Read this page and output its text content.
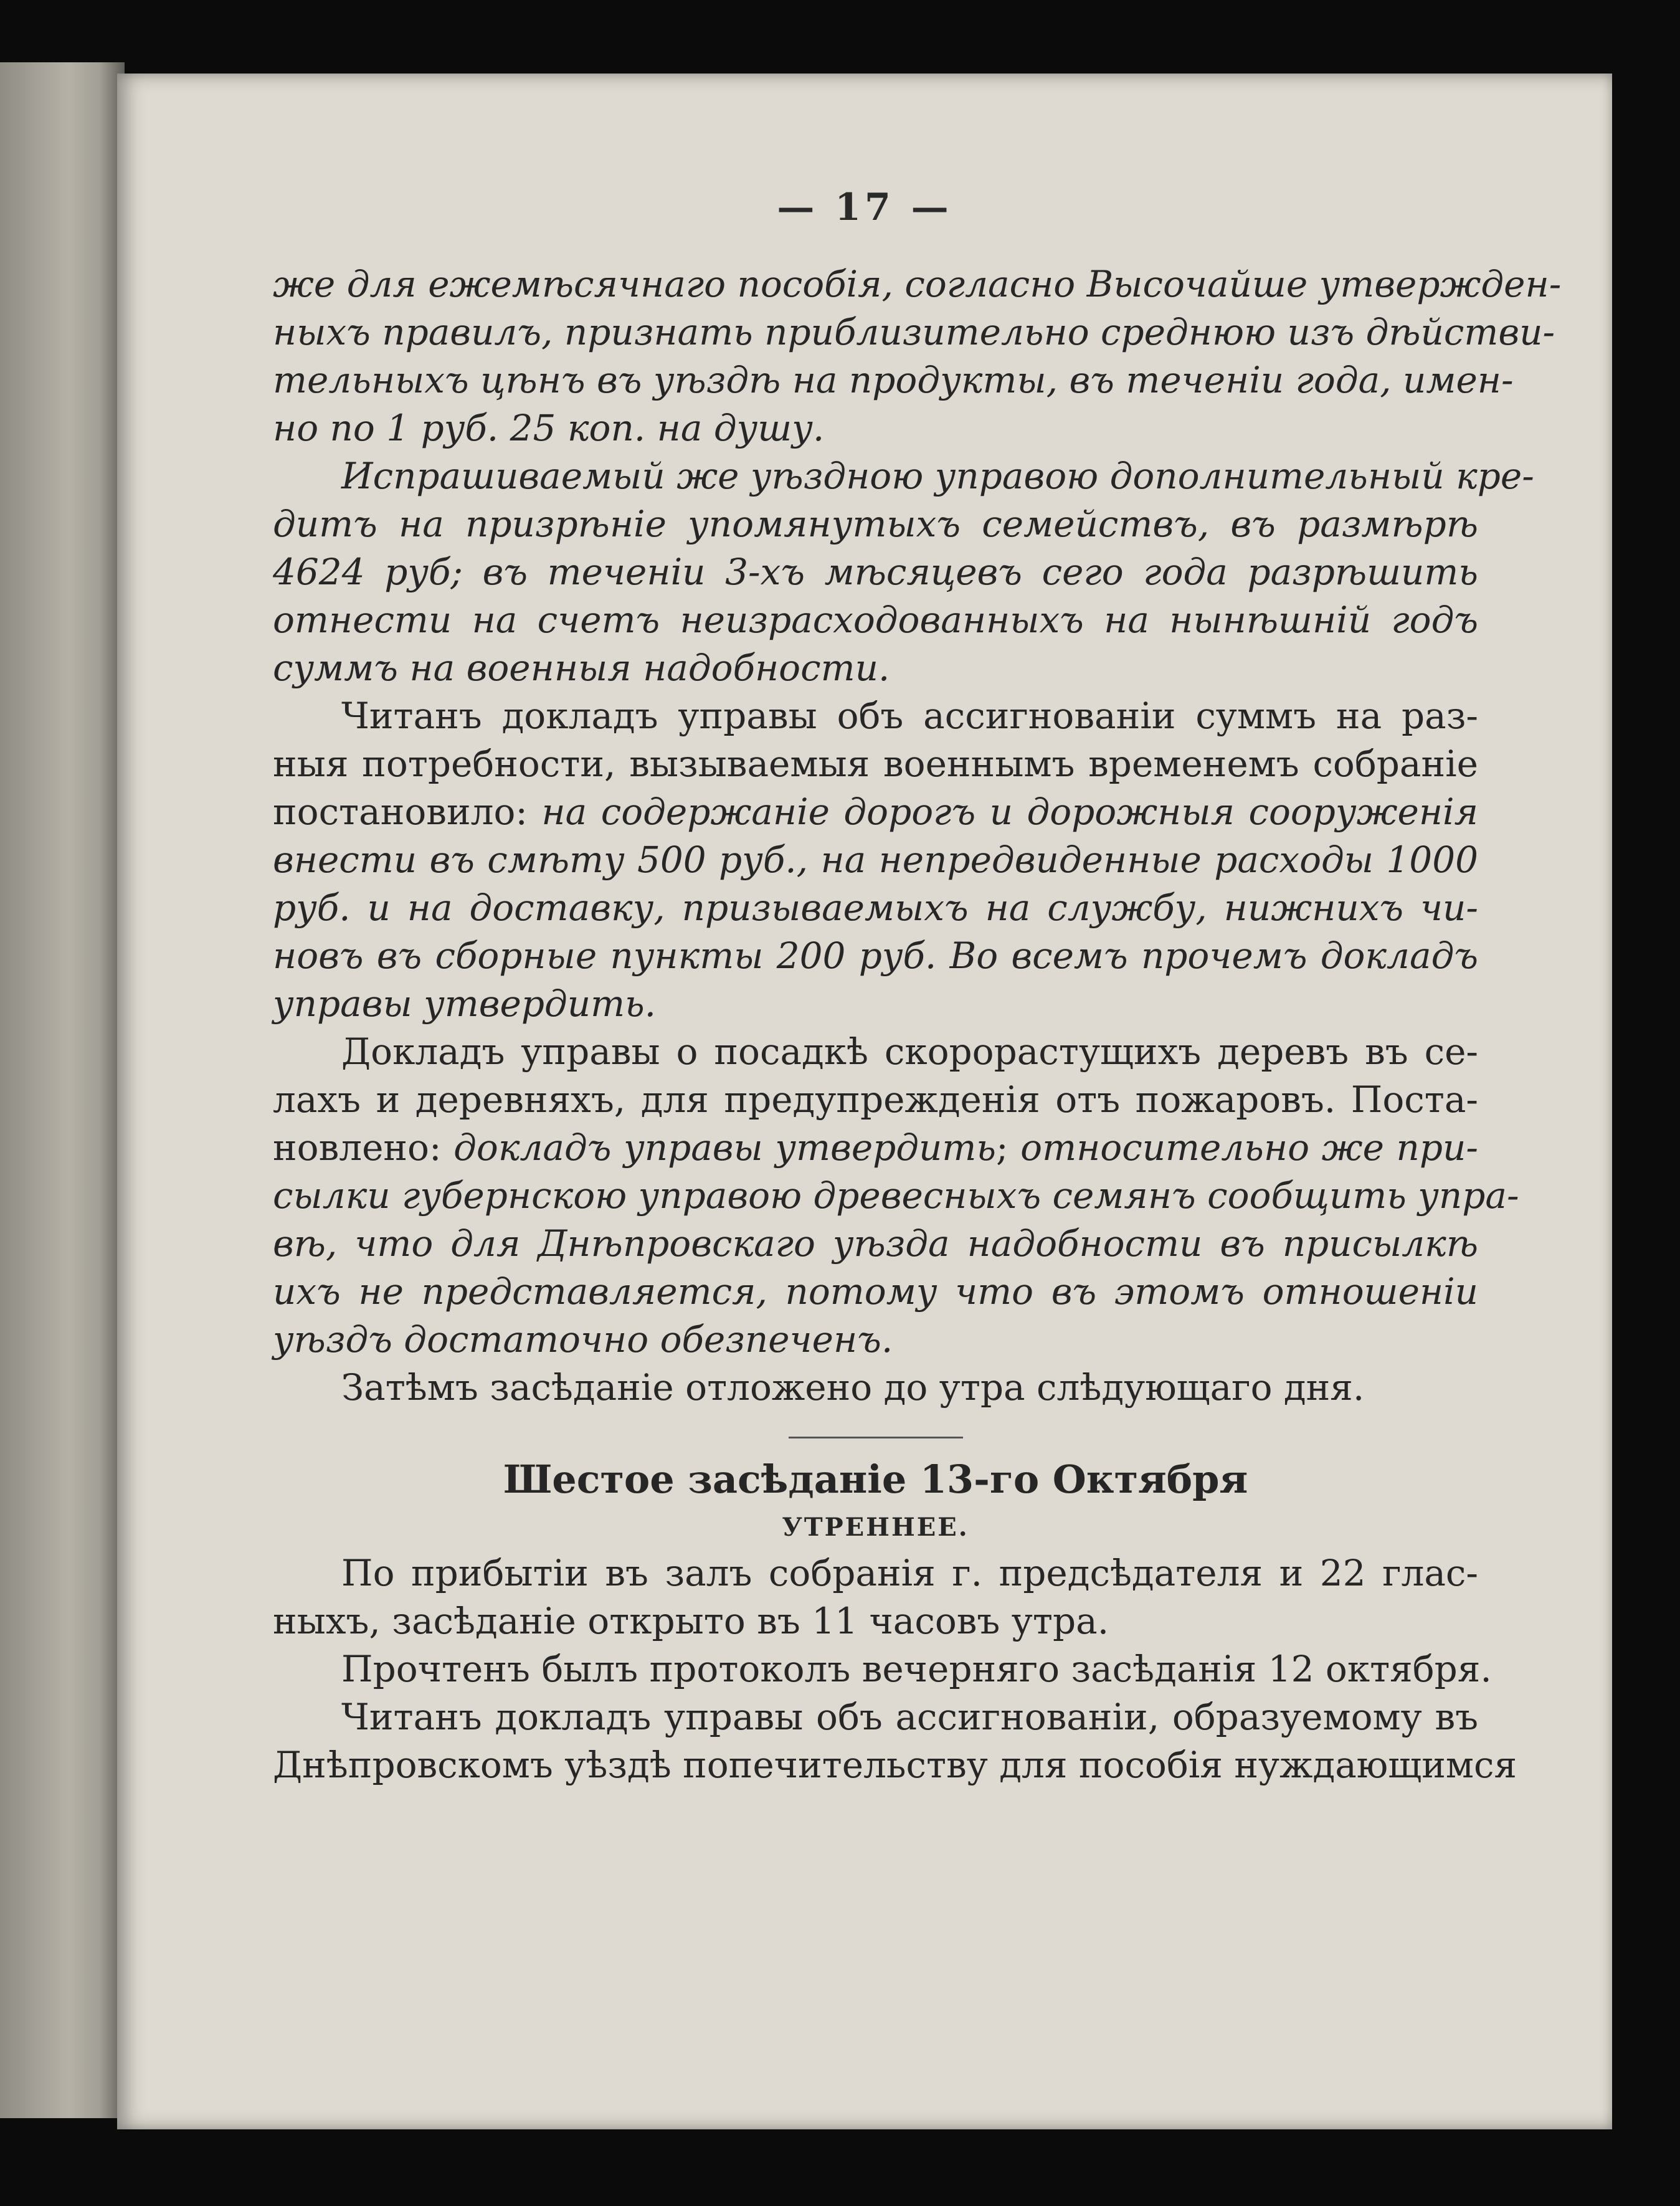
— 17 —
же для ежемѣсячнаго пособія, согласно Высочайше утвержден-
ныхъ правилъ, признать приблизительно среднюю изъ дѣйстви-
тельныхъ цѣнъ въ уѣздѣ на продукты, въ теченіи года, имен-
но по 1 руб. 25 коп. на душу.
Испрашиваемый же уѣздною управою дополнительный кре-
дитъ на призрѣніе упомянутыхъ семействъ, въ размѣрѣ
4624 руб; въ теченіи 3-хъ мѣсяцевъ сего года разрѣшить
отнести на счетъ неизрасходованныхъ на нынѣшній годъ
суммъ на военныя надобности.
Читанъ докладъ управы объ ассигнованіи суммъ на раз-
ныя потребности, вызываемыя военнымъ временемъ собраніе
постановило: на содержаніе дорогъ и дорожныя сооруженія
внести въ смѣту 500 руб., на непредвиденные расходы 1000
руб. и на доставку, призываемыхъ на службу, нижнихъ чи-
новъ въ сборные пункты 200 руб. Во всемъ прочемъ докладъ
управы утвердить.
Докладъ управы о посадкѣ скорорастущихъ деревъ въ се-
лахъ и деревняхъ, для предупрежденія отъ пожаровъ. Поста-
новлено: докладъ управы утвердить; относительно же при-
сылки губернскою управою древесныхъ семянъ сообщить упра-
вѣ, что для Днѣпровскаго уѣзда надобности въ присылкѣ
ихъ не представляется, потому что въ этомъ отношеніи
уѣздъ достаточно обезпеченъ.
Затѣмъ засѣданіе отложено до утра слѣдующаго дня.
Шестое засѣданіе 13-го Октября
УТРЕННЕЕ.
По прибытіи въ залъ собранія г. предсѣдателя и 22 глас-
ныхъ, засѣданіе открыто въ 11 часовъ утра.
Прочтенъ былъ протоколъ вечерняго засѣданія 12 октября.
Читанъ докладъ управы объ ассигнованіи, образуемому въ
Днѣпровскомъ уѣздѣ попечительству для пособія нуждающимся
